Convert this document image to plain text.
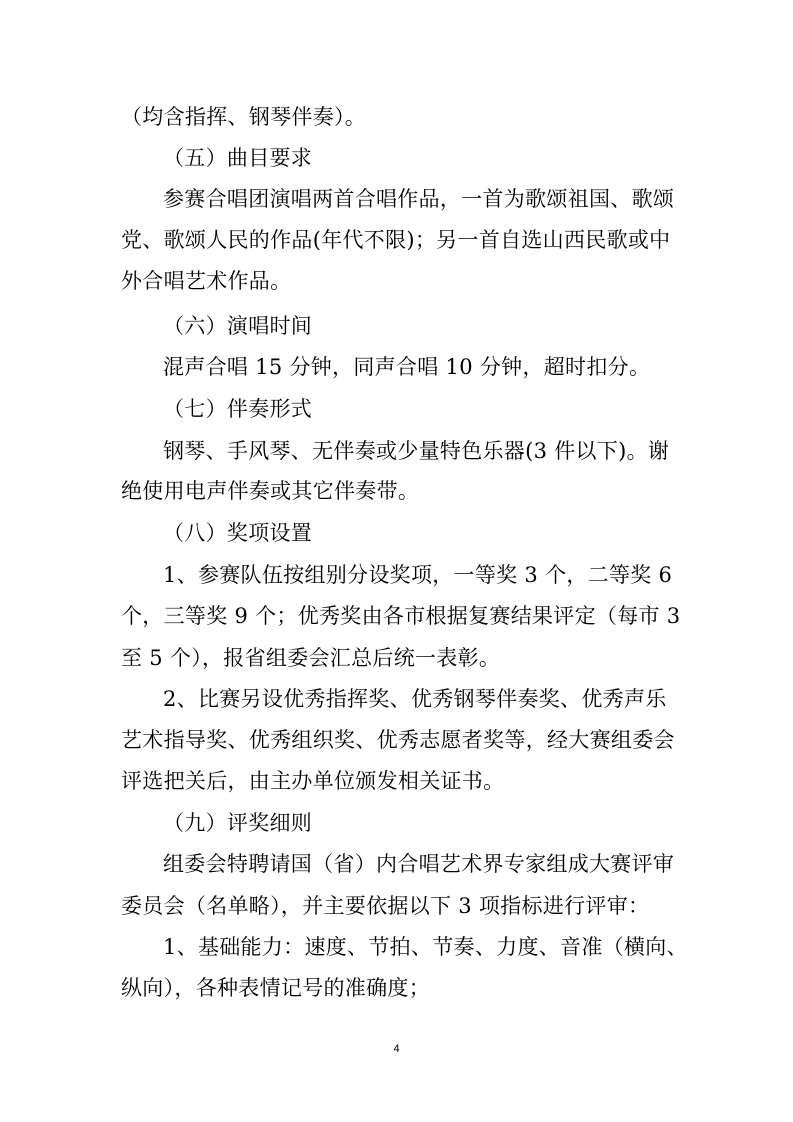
（均含指挥、钢琴伴奏）。
（五）曲目要求
参赛合唱团演唱两首合唱作品，一首为歌颂祖国、歌颂
党、歌颂人民的作品(年代不限)；另一首自选山西民歌或中
外合唱艺术作品。
（六）演唱时间
混声合唱 15 分钟，同声合唱 10 分钟，超时扣分。
（七）伴奏形式
钢琴、手风琴、无伴奏或少量特色乐器(3 件以下)。谢
绝使用电声伴奏或其它伴奏带。
（八）奖项设置
1、参赛队伍按组别分设奖项，一等奖 3 个，二等奖 6
个，三等奖 9 个；优秀奖由各市根据复赛结果评定（每市 3
至 5 个），报省组委会汇总后统一表彰。
2、比赛另设优秀指挥奖、优秀钢琴伴奏奖、优秀声乐
艺术指导奖、优秀组织奖、优秀志愿者奖等，经大赛组委会
评选把关后，由主办单位颁发相关证书。
（九）评奖细则
组委会特聘请国（省）内合唱艺术界专家组成大赛评审
委员会（名单略），并主要依据以下 3 项指标进行评审：
1、基础能力：速度、节拍、节奏、力度、音准（横向、
纵向），各种表情记号的准确度；
4
